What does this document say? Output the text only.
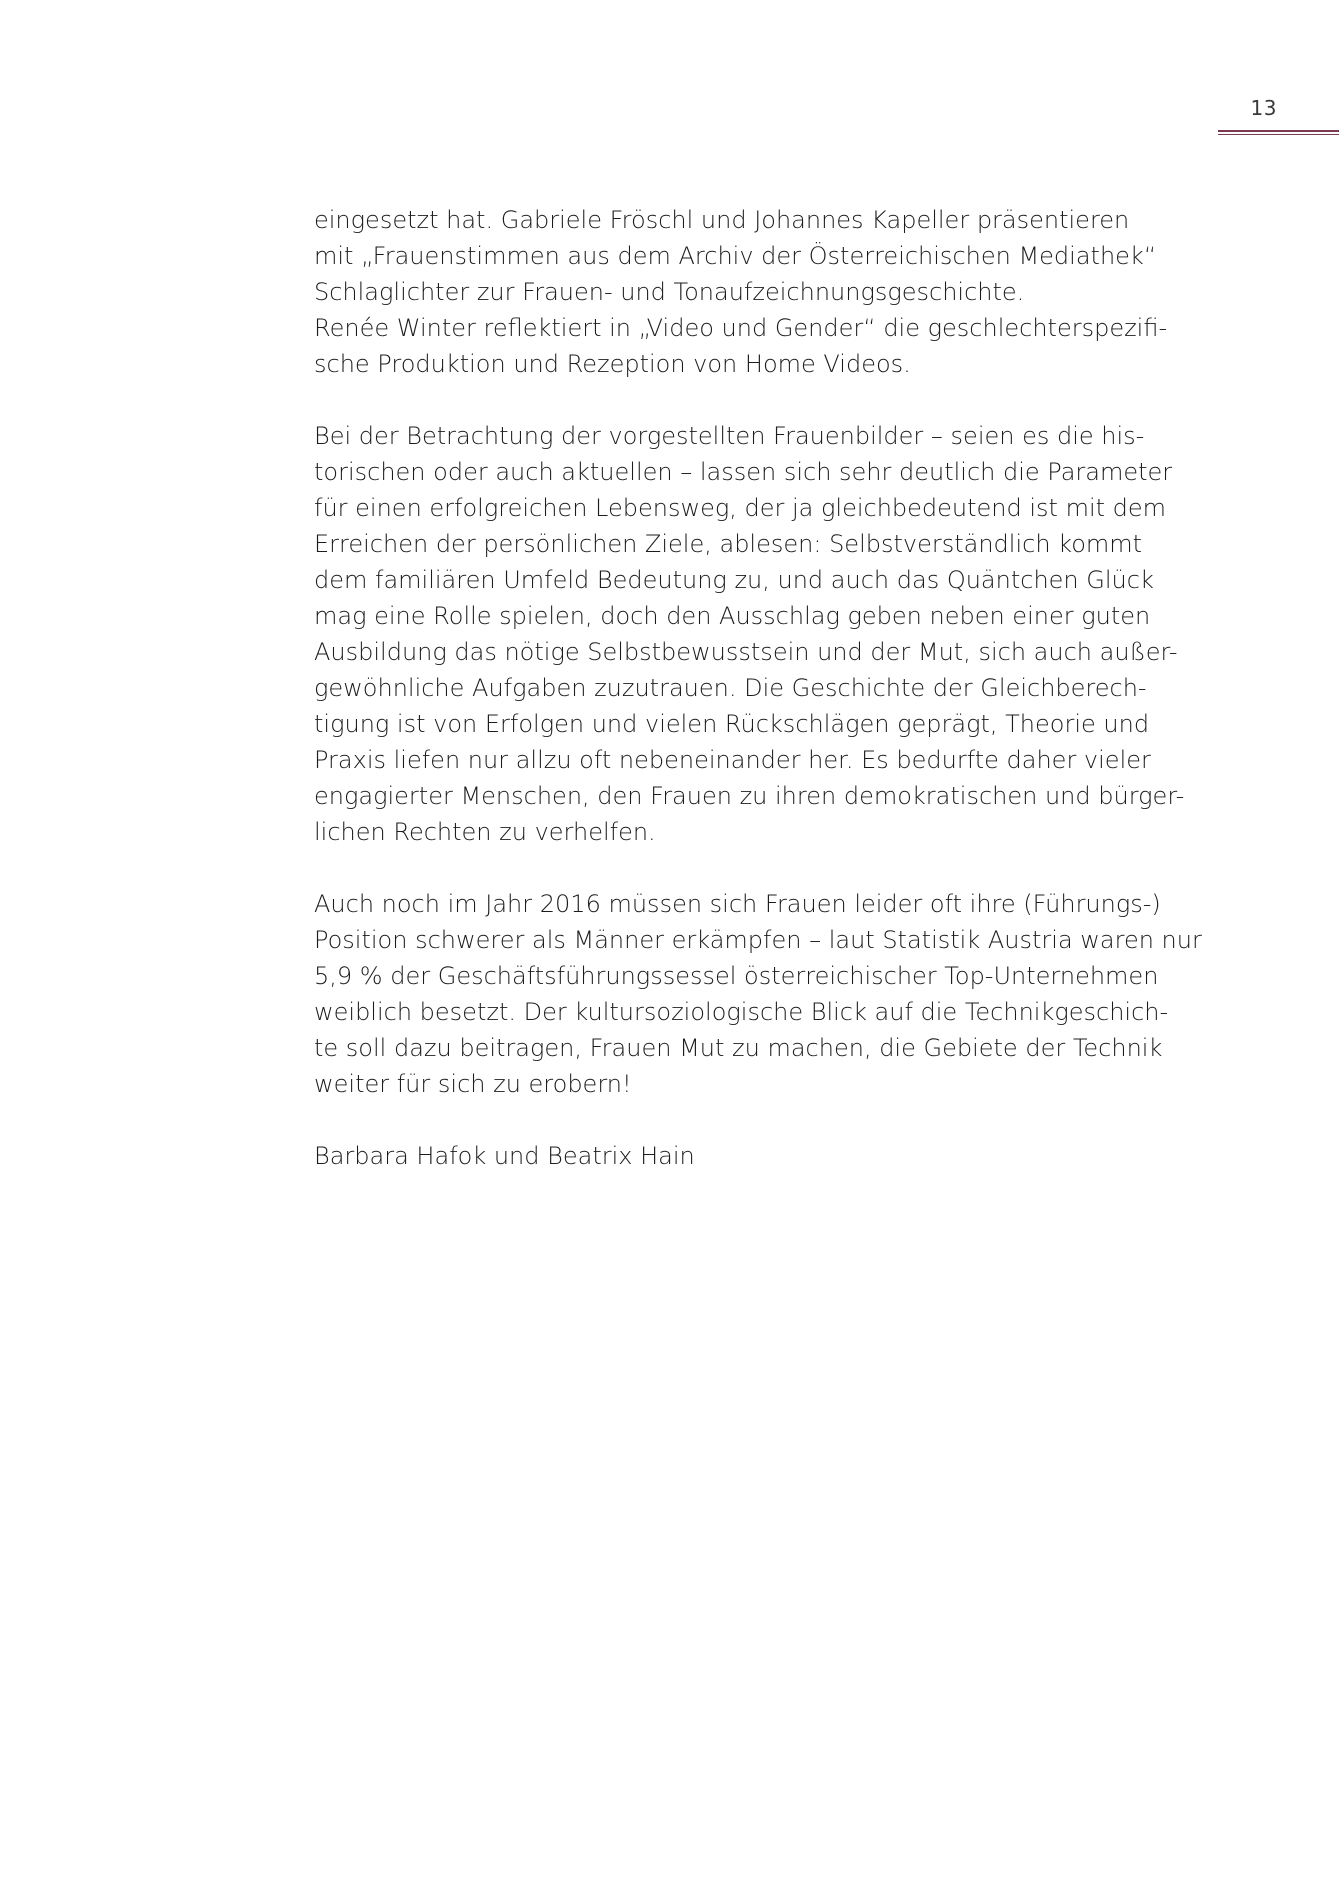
13
eingesetzt hat. Gabriele Fröschl und Johannes Kapeller präsentieren
mit „Frauenstimmen aus dem Archiv der Österreichischen Mediathek“
Schlaglichter zur Frauen- und Tonaufzeichnungsgeschichte.
Renée Winter reflektiert in „Video und Gender“ die geschlechterspezifi-
sche Produktion und Rezeption von Home Videos.
Bei der Betrachtung der vorgestellten Frauenbilder – seien es die his-
torischen oder auch aktuellen – lassen sich sehr deutlich die Parameter
für einen erfolgreichen Lebensweg, der ja gleichbedeutend ist mit dem
Erreichen der persönlichen Ziele, ablesen: Selbstverständlich kommt
dem familiären Umfeld Bedeutung zu, und auch das Quäntchen Glück
mag eine Rolle spielen, doch den Ausschlag geben neben einer guten
Ausbildung das nötige Selbstbewusstsein und der Mut, sich auch außer-
gewöhnliche Aufgaben zuzutrauen. Die Geschichte der Gleichberech-
tigung ist von Erfolgen und vielen Rückschlägen geprägt, Theorie und
Praxis liefen nur allzu oft nebeneinander her. Es bedurfte daher vieler
engagierter Menschen, den Frauen zu ihren demokratischen und bürger-
lichen Rechten zu verhelfen.
Auch noch im Jahr 2016 müssen sich Frauen leider oft ihre (Führungs-)
Position schwerer als Männer erkämpfen – laut Statistik Austria waren nur
5,9 % der Geschäftsführungssessel österreichischer Top-Unternehmen
weiblich besetzt. Der kultursoziologische Blick auf die Technikgeschich-
te soll dazu beitragen, Frauen Mut zu machen, die Gebiete der Technik
weiter für sich zu erobern!
Barbara Hafok und Beatrix Hain
